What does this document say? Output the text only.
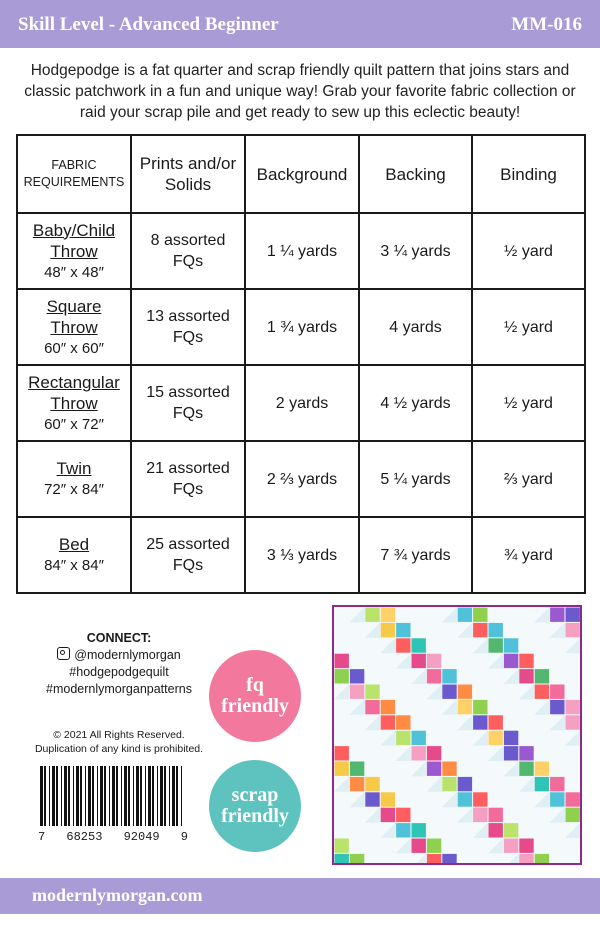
Skill Level - Advanced Beginner	MM-016
Hodgepodge is a fat quarter and scrap friendly quilt pattern that joins stars and classic patchwork in a fun and unique way! Grab your favorite fabric collection or raid your scrap pile and get ready to sew up this eclectic beauty!
FABRIC
REQUIREMENTS	Prints and/or Solids	Background	Backing	Binding

Baby/Child Throw
48″ x 48″	8 assorted FQs	1 ¼ yards	3 ¼ yards	½ yard

Square Throw
60″ x 60″	13 assorted FQs	1 ¾ yards	4 yards	½ yard

Rectangular Throw
60″ x 72″	15 assorted FQs	2 yards	4 ½ yards	½ yard

Twin
72″ x 84″	21 assorted FQs	2 ⅔ yards	5 ¼ yards	⅔ yard

Bed
84″ x 84″	25 assorted FQs	3 ⅓ yards	7 ¾ yards	¾ yard
CONNECT:
@modernlymorgan
#hodgepodgequilt
#modernlymorganpatterns
© 2021 All Rights Reserved.
Duplication of any kind is prohibited.
7 68253 92049 9
fq
friendly
scrap
friendly
modernlymorgan.com
